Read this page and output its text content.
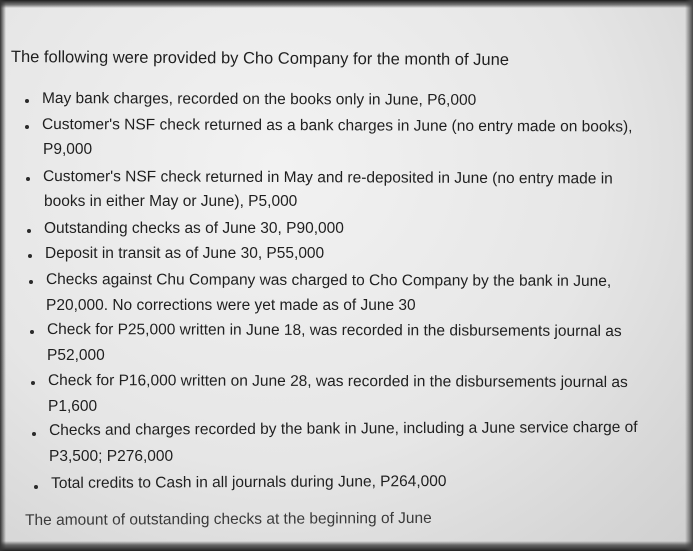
The following were provided by Cho Company for the month of June
May bank charges, recorded on the books only in June, P6,000
Customer's NSF check returned as a bank charges in June (no entry made on books),
P9,000
Customer's NSF check returned in May and re-deposited in June (no entry made in
books in either May or June), P5,000
Outstanding checks as of June 30, P90,000
Deposit in transit as of June 30, P55,000
Checks against Chu Company was charged to Cho Company by the bank in June,
P20,000. No corrections were yet made as of June 30
Check for P25,000 written in June 18, was recorded in the disbursements journal as
P52,000
Check for P16,000 written on June 28, was recorded in the disbursements journal as
P1,600
Checks and charges recorded by the bank in June, including a June service charge of
P3,500; P276,000
Total credits to Cash in all journals during June, P264,000
The amount of outstanding checks at the beginning of June
